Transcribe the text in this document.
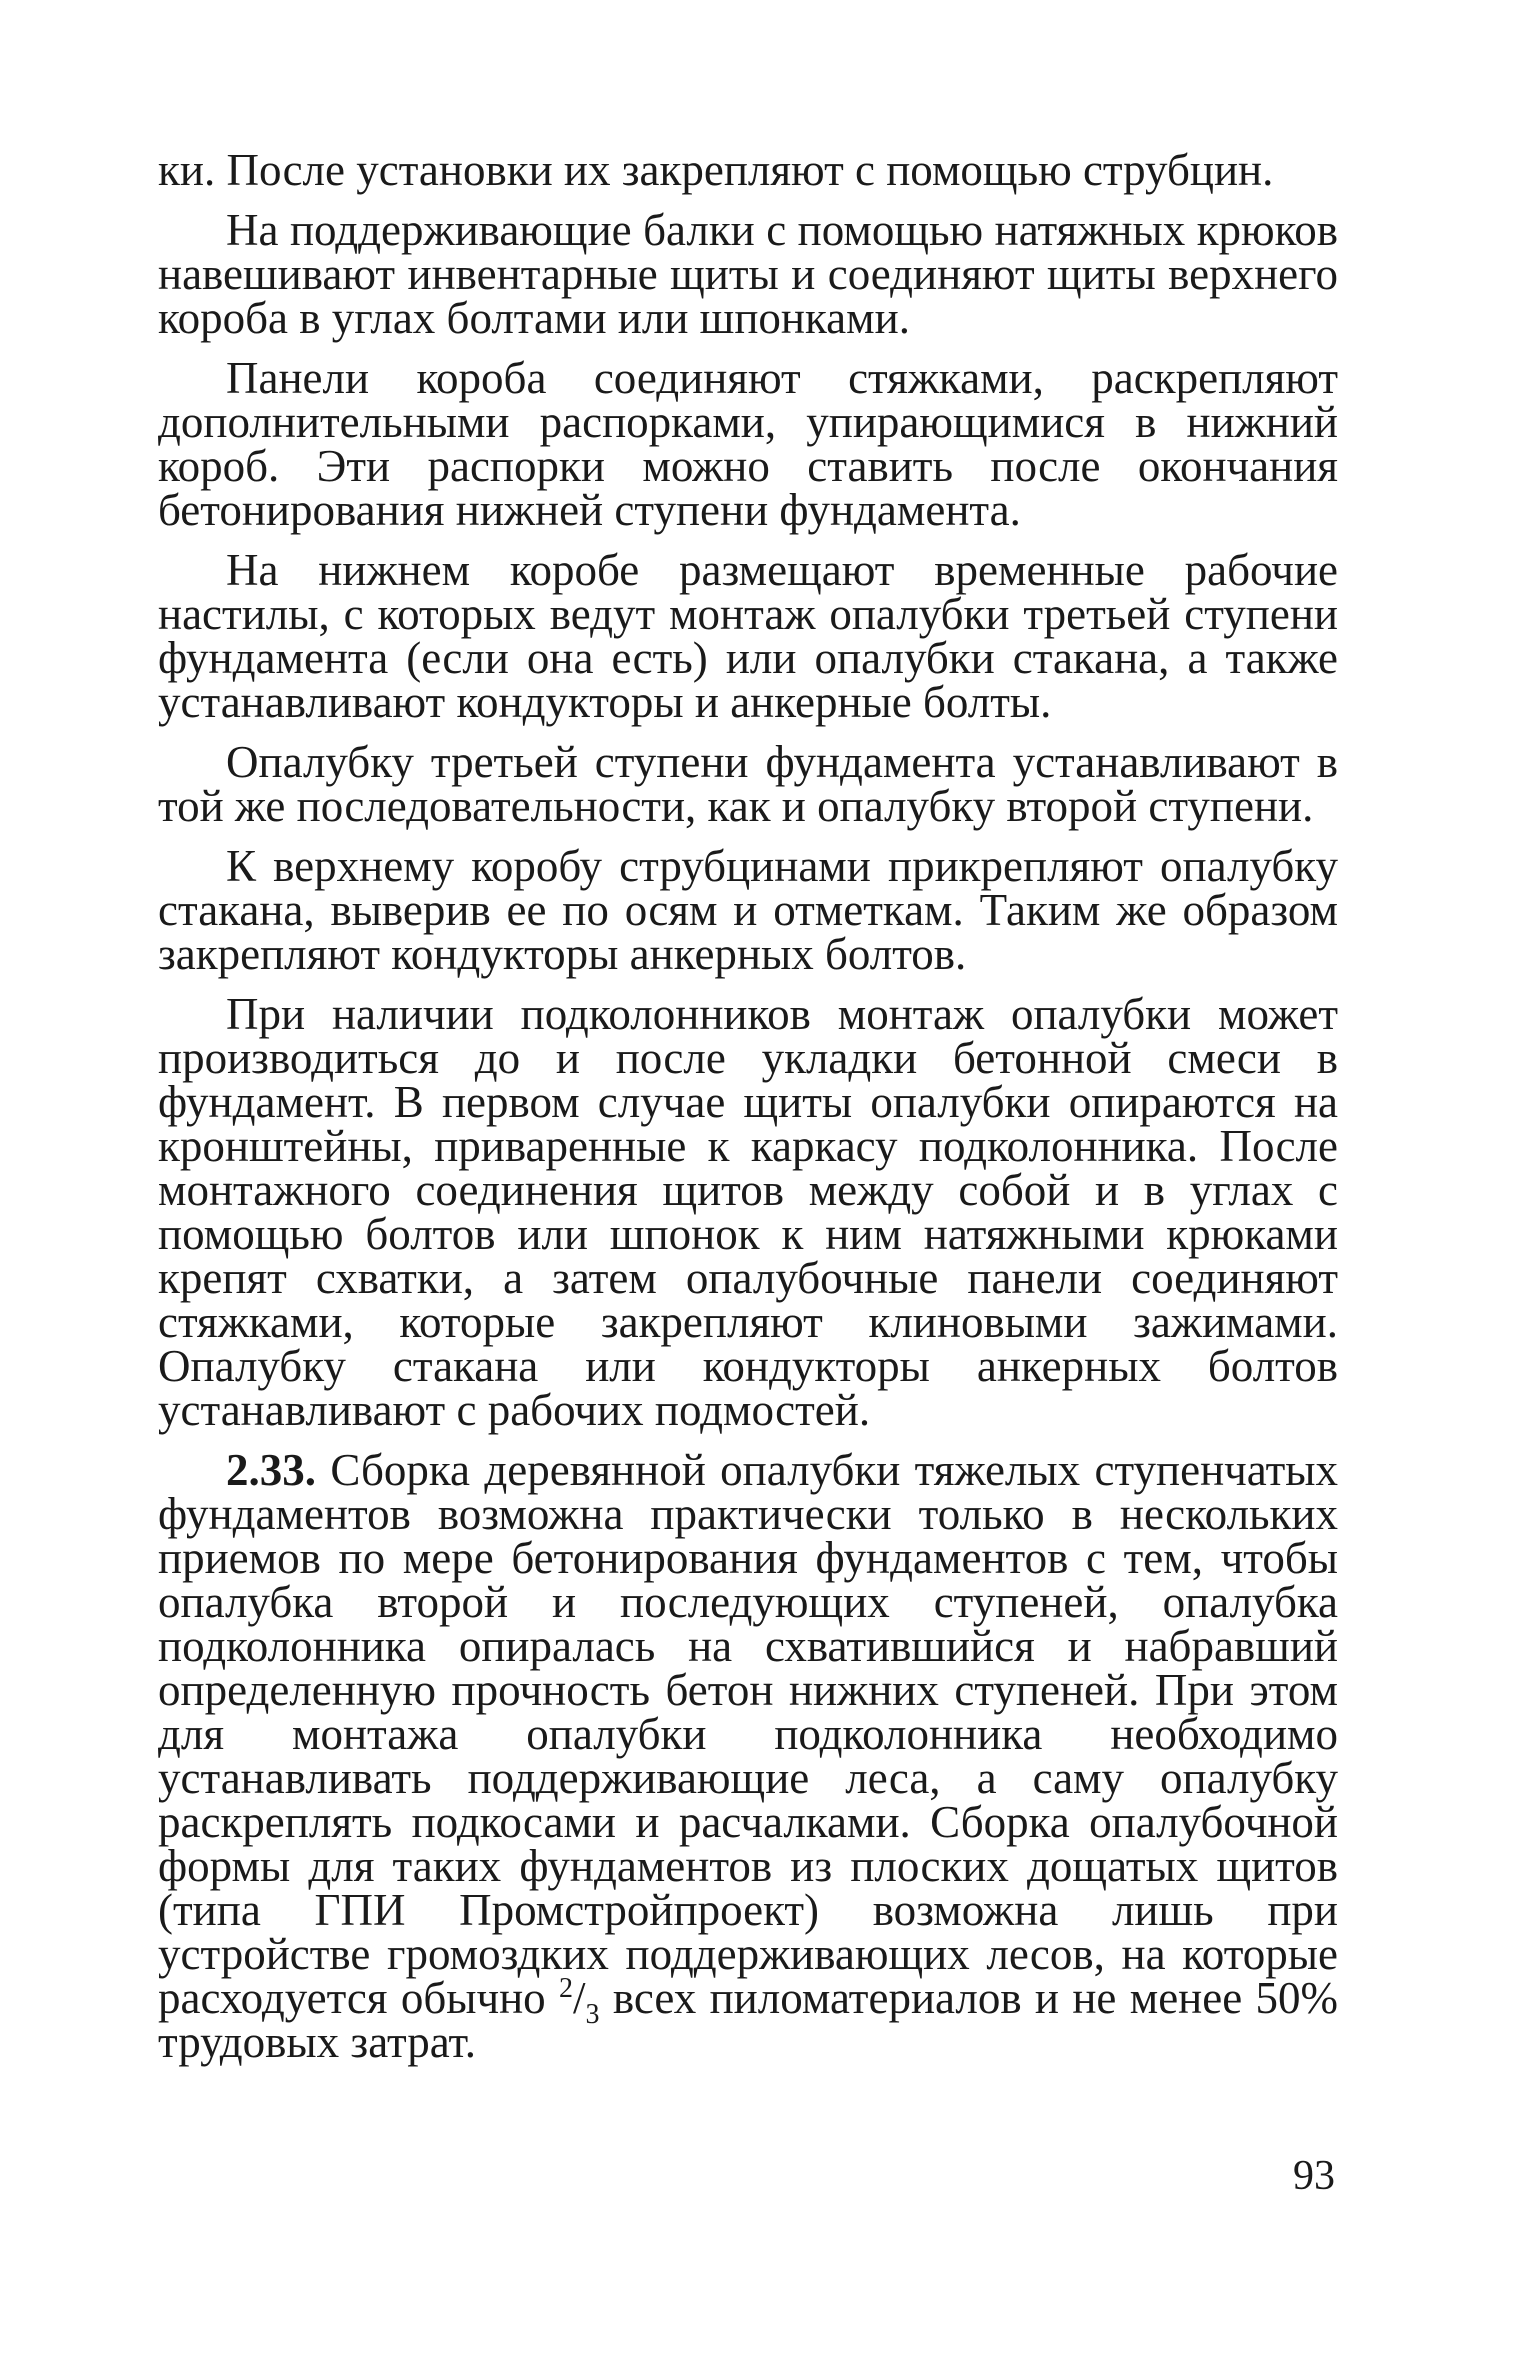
ки. После установки их закрепляют с помощью струбцин.

На поддерживающие балки с помощью натяжных крюков навешивают инвентарные щиты и соединяют щиты верхнего короба в углах болтами или шпонками.

Панели короба соединяют стяжками, раскрепляют дополнительными распорками, упирающимися в нижний короб. Эти распорки можно ставить после окончания бетонирования нижней ступени фундамента.

На нижнем коробе размещают временные рабочие настилы, с которых ведут монтаж опалубки третьей ступени фундамента (если она есть) или опалубки стакана, а также устанавливают кондукторы и анкерные болты.

Опалубку третьей ступени фундамента устанавливают в той же последовательности, как и опалубку второй ступени.

К верхнему коробу струбцинами прикрепляют опалубку стакана, выверив ее по осям и отметкам. Таким же образом закрепляют кондукторы анкерных болтов.

При наличии подколонников монтаж опалубки может производиться до и после укладки бетонной смеси в фундамент. В первом случае щиты опалубки опираются на кронштейны, приваренные к каркасу подколонника. После монтажного соединения щитов между собой и в углах с помощью болтов или шпонок к ним натяжными крюками крепят схватки, а затем опалубочные панели соединяют стяжками, которые закрепляют клиновыми зажимами. Опалубку стакана или кондукторы анкерных болтов устанавливают с рабочих подмостей.

2.33. Сборка деревянной опалубки тяжелых ступенчатых фундаментов возможна практически только в нескольких приемов по мере бетонирования фундаментов с тем, чтобы опалубка второй и последующих ступеней, опалубка подколонника опиралась на схватившийся и набравший определенную прочность бетон нижних ступеней. При этом для монтажа опалубки подколонника необходимо устанавливать поддерживающие леса, а саму опалубку раскреплять подкосами и расчалками. Сборка опалубочной формы для таких фундаментов из плоских дощатых щитов (типа ГПИ Промстройпроект) возможна лишь при устройстве громоздких поддерживающих лесов, на которые расходуется обычно $^2/_3$ всех пиломатериалов и не менее 50% трудовых затрат.

93
